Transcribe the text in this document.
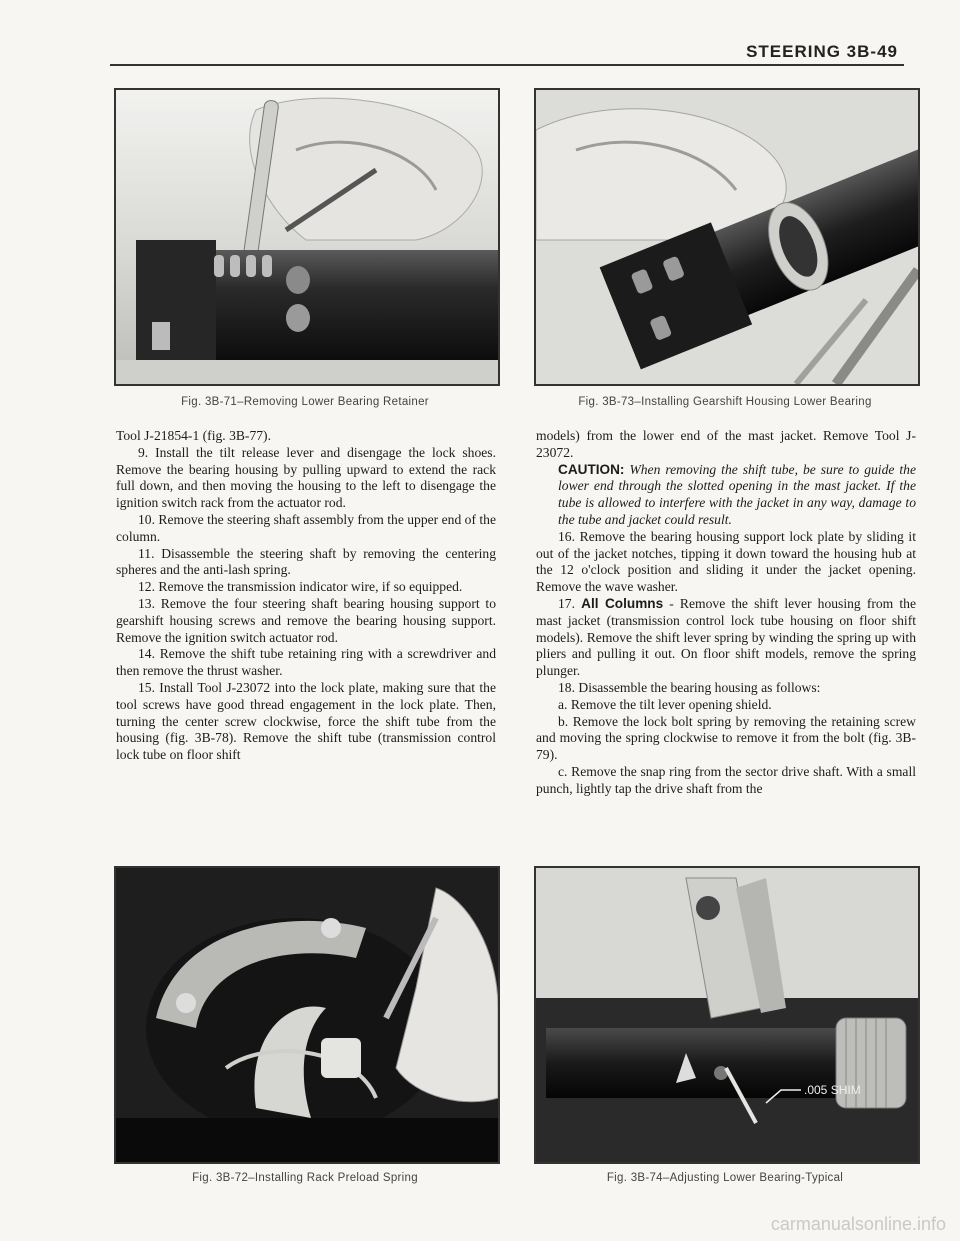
STEERING 3B-49
Fig. 3B-71–Removing Lower Bearing Retainer	Fig. 3B-73–Installing Gearshift Housing Lower Bearing

Tool J-21854-1 (fig. 3B-77).

9. Install the tilt release lever and disengage the lock shoes. Remove the bearing housing by pulling upward to extend the rack full down, and then moving the housing to the left to disengage the ignition switch rack from the actuator rod.

10. Remove the steering shaft assembly from the upper end of the column.

11. Disassemble the steering shaft by removing the centering spheres and the anti-lash spring.

12. Remove the transmission indicator wire, if so equipped.

13. Remove the four steering shaft bearing housing support to gearshift housing screws and remove the bearing housing support. Remove the ignition switch actuator rod.

14. Remove the shift tube retaining ring with a screwdriver and then remove the thrust washer.

15. Install Tool J-23072 into the lock plate, making sure that the tool screws have good thread engagement in the lock plate. Then, turning the center screw clockwise, force the shift tube from the housing (fig. 3B-78). Remove the shift tube (transmission control lock tube on floor shift

models) from the lower end of the mast jacket. Remove Tool J-23072.

CAUTION: When removing the shift tube, be sure to guide the lower end through the slotted opening in the mast jacket. If the tube is allowed to interfere with the jacket in any way, damage to the tube and jacket could result.

16. Remove the bearing housing support lock plate by sliding it out of the jacket notches, tipping it down toward the housing hub at the 12 o'clock position and sliding it under the jacket opening. Remove the wave washer.

17. All Columns - Remove the shift lever housing from the mast jacket (transmission control lock tube housing on floor shift models). Remove the shift lever spring by winding the spring up with pliers and pulling it out. On floor shift models, remove the spring plunger.

18. Disassemble the bearing housing as follows:

a. Remove the tilt lever opening shield.

b. Remove the lock bolt spring by removing the retaining screw and moving the spring clockwise to remove it from the bolt (fig. 3B-79).

c. Remove the snap ring from the sector drive shaft. With a small punch, lightly tap the drive shaft from the

Fig. 3B-72–Installing Rack Preload Spring
.005 SHIM
Fig. 3B-74–Adjusting Lower Bearing-Typical
carmanualsonline.info
